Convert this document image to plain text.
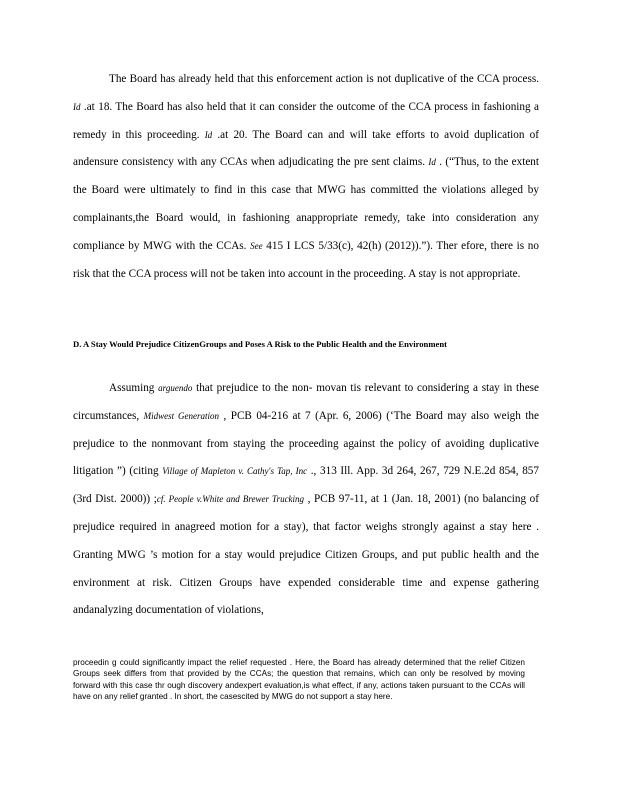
The Board has already held that this enforcement action is not duplicative of the CCA process. Id .at 18. The Board has also held that it can consider the outcome of the CCA process in fashioning a remedy in this proceeding. Id .at 20. The Board can and will take efforts to avoid duplication of andensure consistency with any CCAs when adjudicating the pre sent claims. Id . (“Thus, to the extent the Board were ultimately to find in this case that MWG has committed the violations alleged by complainants,the Board would, in fashioning anappropriate remedy, take into consideration any compliance by MWG with the CCAs. See 415 I LCS 5/33(c), 42(h) (2012)).”). Ther efore, there is no risk that the CCA process will not be taken into account in the proceeding. A stay is not appropriate.

D. A Stay Would Prejudice CitizenGroups and Poses A Risk to the Public Health and the Environment

Assuming arguendo that prejudice to the non- movan tis relevant to considering a stay in these circumstances, Midwest Generation , PCB 04-216 at 7 (Apr. 6, 2006) (‘The Board may also weigh the prejudice to the nonmovant from staying the proceeding against the policy of avoiding duplicative litigation ”) (citing Village of Mapleton v. Cathy's Tap, Inc ., 313 Ill. App. 3d 264, 267, 729 N.E.2d 854, 857 (3rd Dist. 2000)) ;cf. People v.White and Brewer Trucking , PCB 97-11, at 1 (Jan. 18, 2001) (no balancing of prejudice required in anagreed motion for a stay), that factor weighs strongly against a stay here . Granting MWG ’s motion for a stay would prejudice Citizen Groups, and put public health and the environment at risk. Citizen Groups have expended considerable time and expense gathering andanalyzing documentation of violations,

proceedin g could significantly impact the relief requested . Here, the Board has already determined that the relief Citizen Groups seek differs from that provided by the CCAs; the question that remains, which can only be resolved by moving forward with this case thr ough discovery andexpert evaluation,is what effect, if any, actions taken pursuant to the CCAs will have on any relief granted . In short, the casescited by MWG do not support a stay here.
